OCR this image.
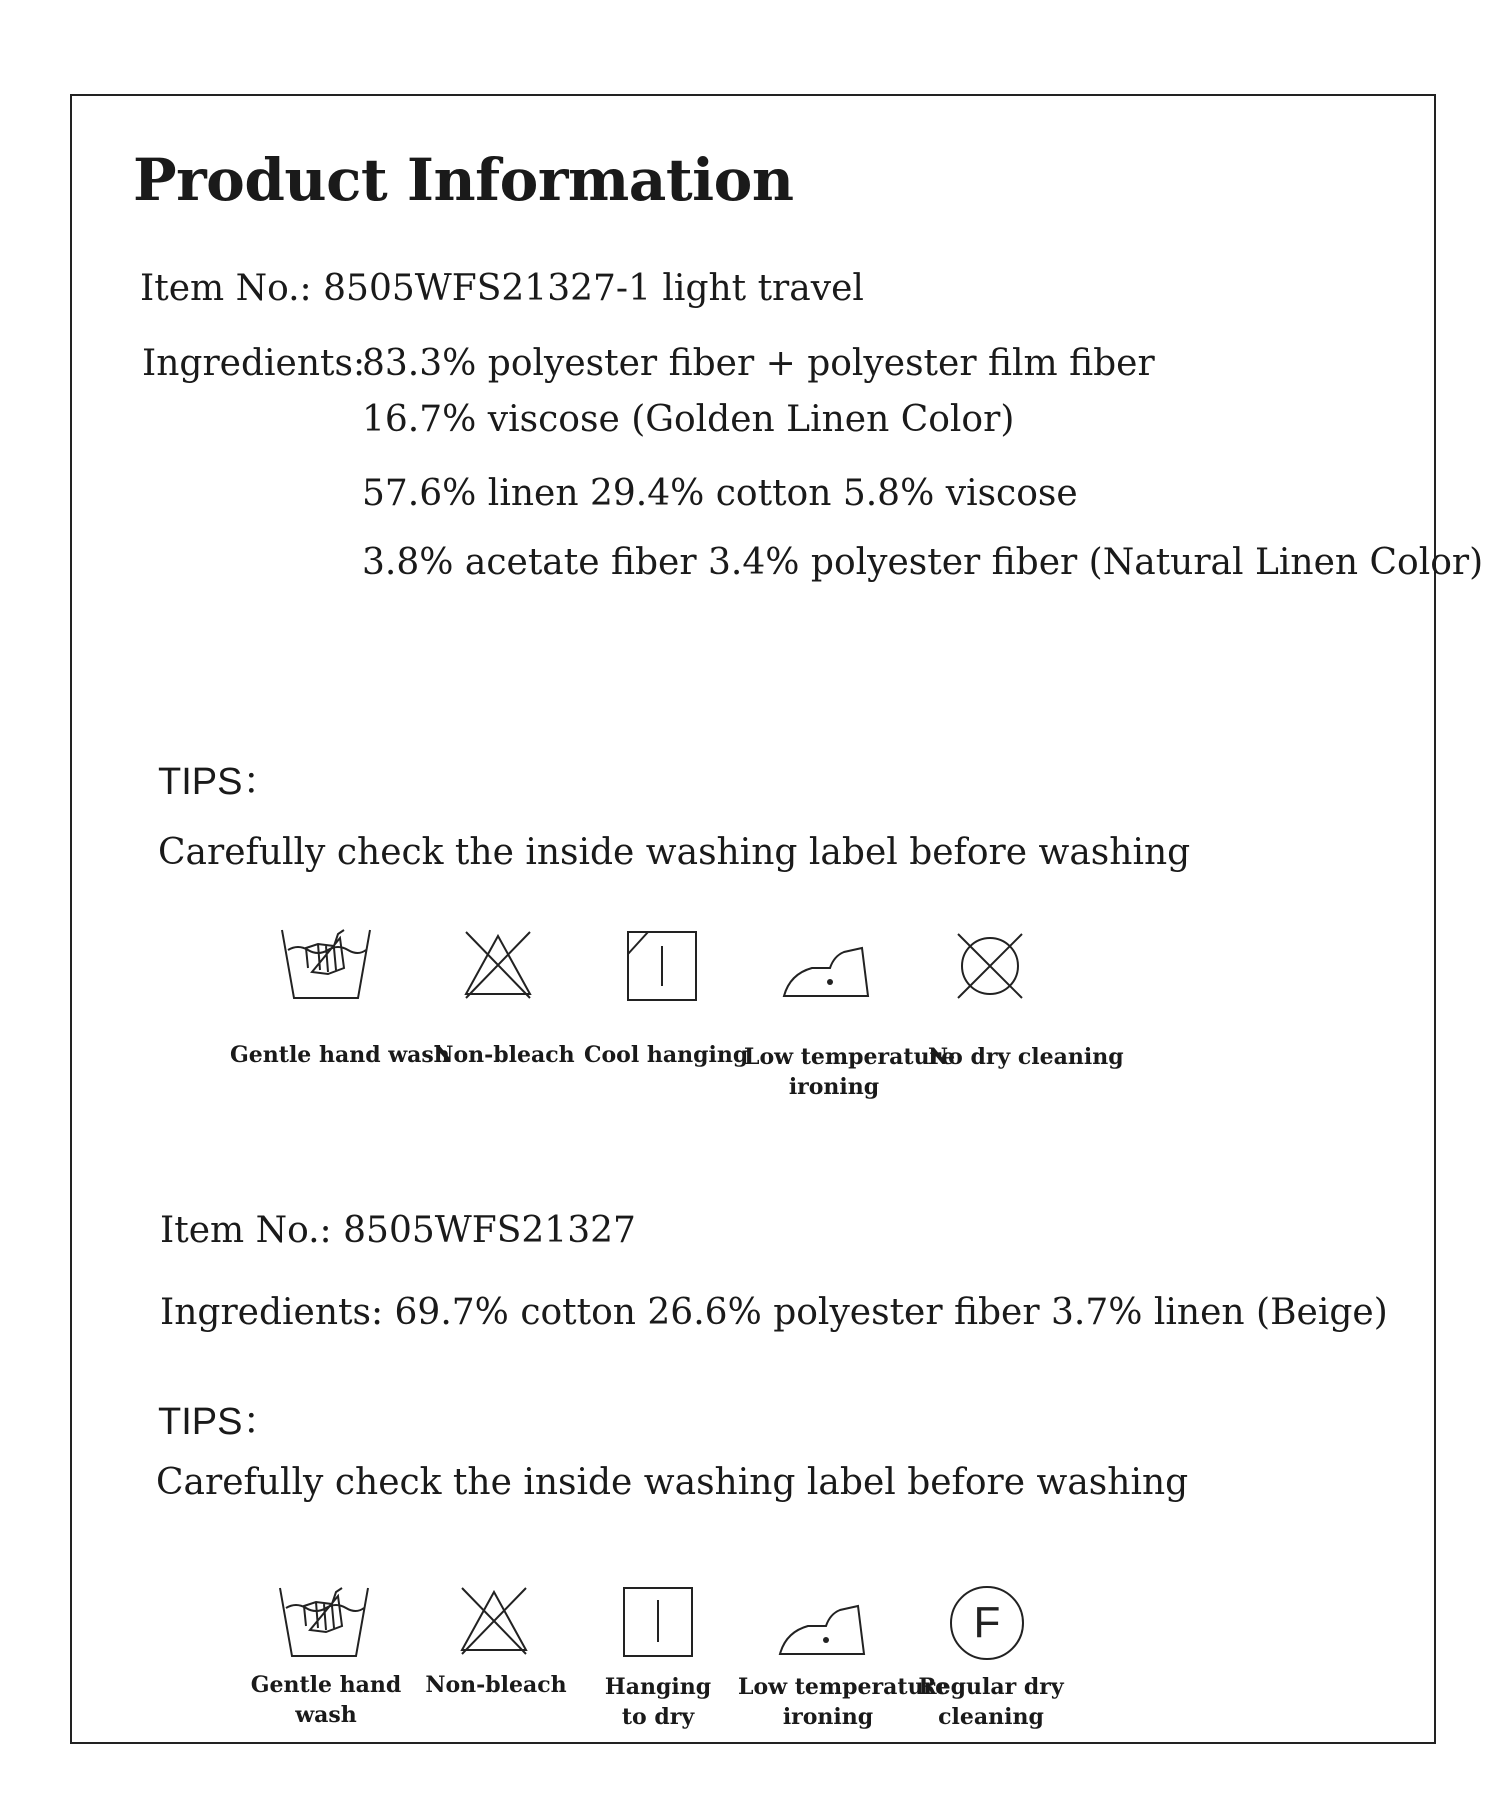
Product Information
Item No.: 8505WFS21327-1 light travel
Ingredients:
83.3% polyester fiber + polyester film fiber
16.7% viscose (Golden Linen Color)
57.6% linen 29.4% cotton 5.8% viscose
3.8% acetate fiber 3.4% polyester fiber (Natural Linen Color)
TIPS：
Carefully check the inside washing label before washing
Gentle hand wash
Non-bleach Cool hanging
Low temperature
ironing
No dry cleaning
Item No.: 8505WFS21327
Ingredients: 69.7% cotton 26.6% polyester fiber 3.7% linen (Beige)
TIPS：
Carefully check the inside washing label before washing
F
Gentle hand
wash
Non-bleach	Hanging
to dry
Low temperature
ironing
Regular dry
cleaning
